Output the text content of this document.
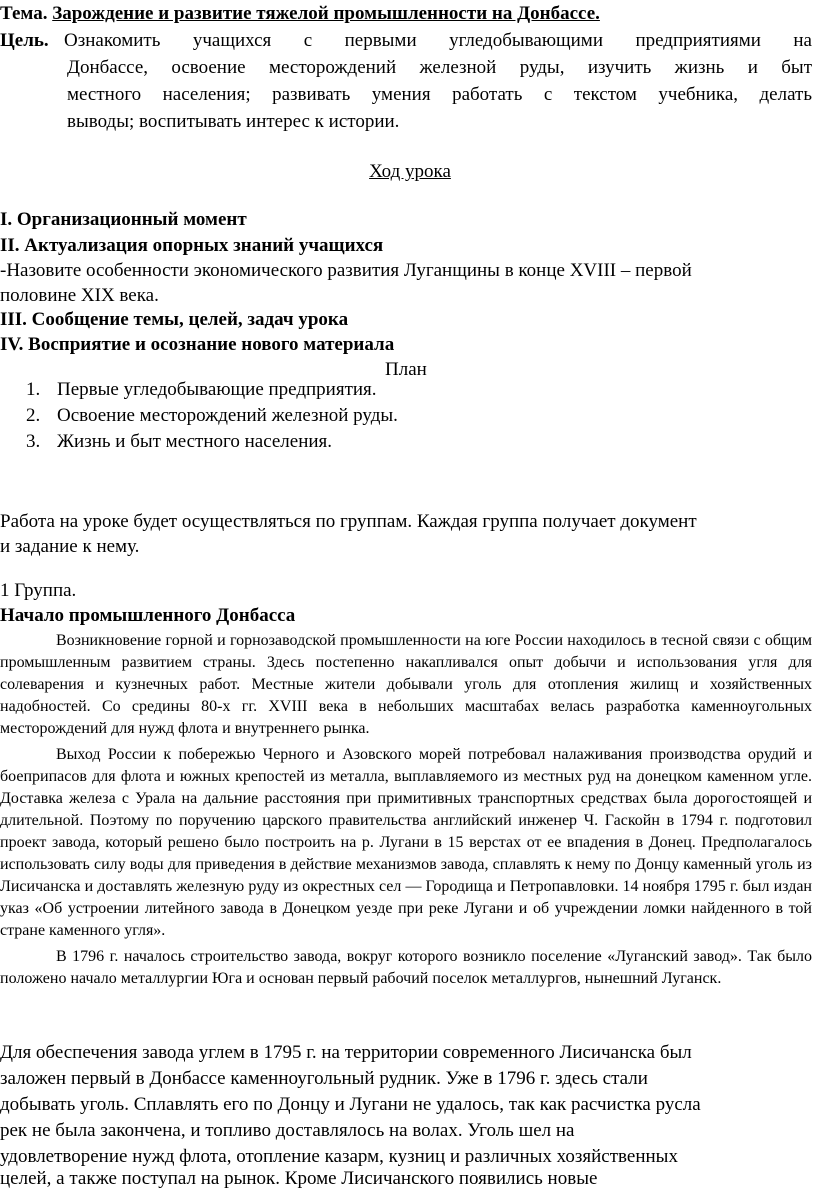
Тема. Зарождение и развитие тяжелой промышленности на Донбассе.
Цель. Ознакомить учащихся с первыми угледобывающими предприятиями на
Донбассе, освоение месторождений железной руды, изучить жизнь и быт
местного населения; развивать умения работать с текстом учебника, делать
выводы; воспитывать интерес к истории.
Ход урока
I. Организационный момент
II. Актуализация опорных знаний учащихся
-Назовите особенности экономического развития Луганщины в конце XVIII – первой
половине XIX века.
III. Сообщение темы, целей, задач урока
IV. Восприятие и осознание нового материала
План
1. Первые угледобывающие предприятия.
2. Освоение месторождений железной руды.
3. Жизнь и быт местного населения.
Работа на уроке будет осуществляться по группам. Каждая группа получает документ
и задание к нему.
1 Группа.
Начало промышленного Донбасса

Возникновение горной и горнозаводской промышленности на юге России находилось в тесной связи с общим промышленным развитием страны. Здесь постепенно накапливался опыт добычи и использования угля для солеварения и кузнечных работ. Местные жители добывали уголь для отопления жилищ и хозяйственных надобностей. Со средины 80-х гг. XVIII века в небольших масштабах велась разработка каменноугольных месторождений для нужд флота и внутреннего рынка.

Выход России к побережью Черного и Азовского морей потребовал налаживания производства орудий и боеприпасов для флота и южных крепостей из металла, выплавляемого из местных руд на донецком каменном угле. Доставка железа с Урала на дальние расстояния при примитивных транспортных средствах была дорогостоящей и длительной. Поэтому по поручению царского правительства английский инженер Ч. Гаскойн в 1794 г. подготовил проект завода, который решено было построить на р. Лугани в 15 верстах от ее впадения в Донец. Предполагалось использовать силу воды для приведения в действие механизмов завода, сплавлять к нему по Донцу каменный уголь из Лисичанска и доставлять железную руду из окрестных сел — Городища и Петропавловки. 14 ноября 1795 г. был издан указ «Об устроении литейного завода в Донецком уезде при реке Лугани и об учреждении ломки найденного в той стране каменного угля».

В 1796 г. началось строительство завода, вокруг которого возникло поселение «Луганский завод». Так было положено начало металлургии Юга и основан первый рабочий поселок металлургов, нынешний Луганск.

Для обеспечения завода углем в 1795 г. на территории современного Лисичанска был
заложен первый в Донбассе каменноугольный рудник. Уже в 1796 г. здесь стали
добывать уголь. Сплавлять его по Донцу и Лугани не удалось, так как расчистка русла
рек не была закончена, и топливо доставлялось на волах. Уголь шел на
удовлетворение нужд флота, отопление казарм, кузниц и различных хозяйственных
целей, а также поступал на рынок. Кроме Лисичанского появились новые
